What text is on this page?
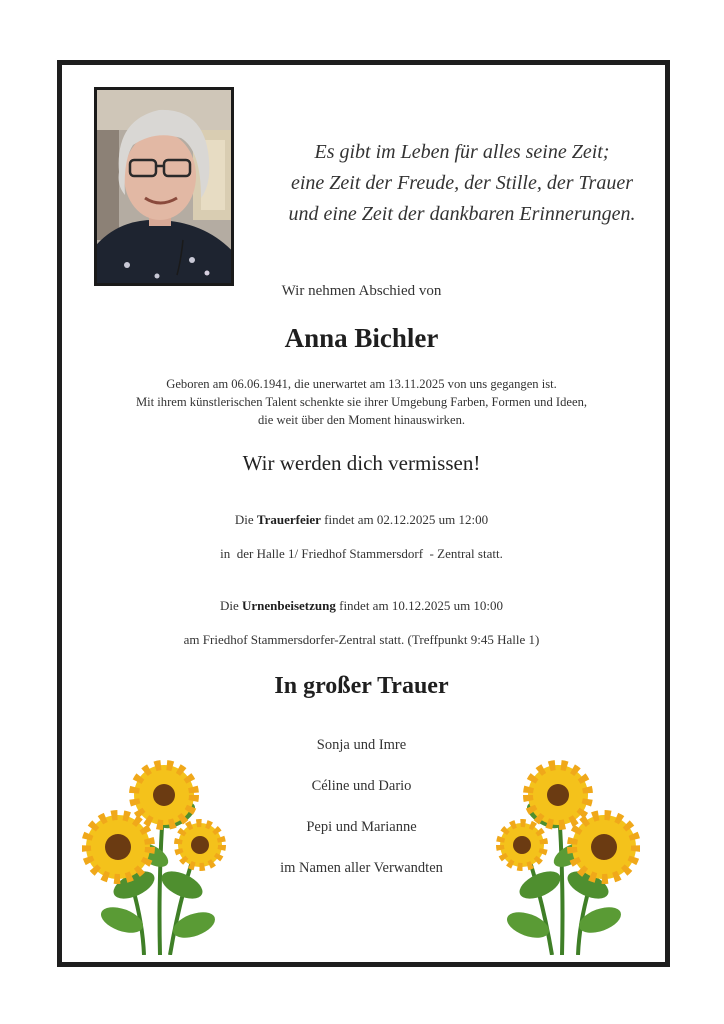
Es gibt im Leben für alles seine Zeit;
eine Zeit der Freude, der Stille, der Trauer
und eine Zeit der dankbaren Erinnerungen.
Wir nehmen Abschied von
Anna Bichler
Geboren am 06.06.1941, die unerwartet am 13.11.2025 von uns gegangen ist.
Mit ihrem künstlerischen Talent schenkte sie ihrer Umgebung Farben, Formen und Ideen,
die weit über den Moment hinauswirken.
Wir werden dich vermissen!
Die Trauerfeier findet am 02.12.2025 um 12:00
in  der Halle 1/ Friedhof Stammersdorf  - Zentral statt.
Die Urnenbeisetzung findet am 10.12.2025 um 10:00
am Friedhof Stammersdorfer-Zentral statt. (Treffpunkt 9:45 Halle 1)
In großer Trauer
Sonja und Imre
Céline und Dario
Pepi und Marianne
im Namen aller Verwandten
